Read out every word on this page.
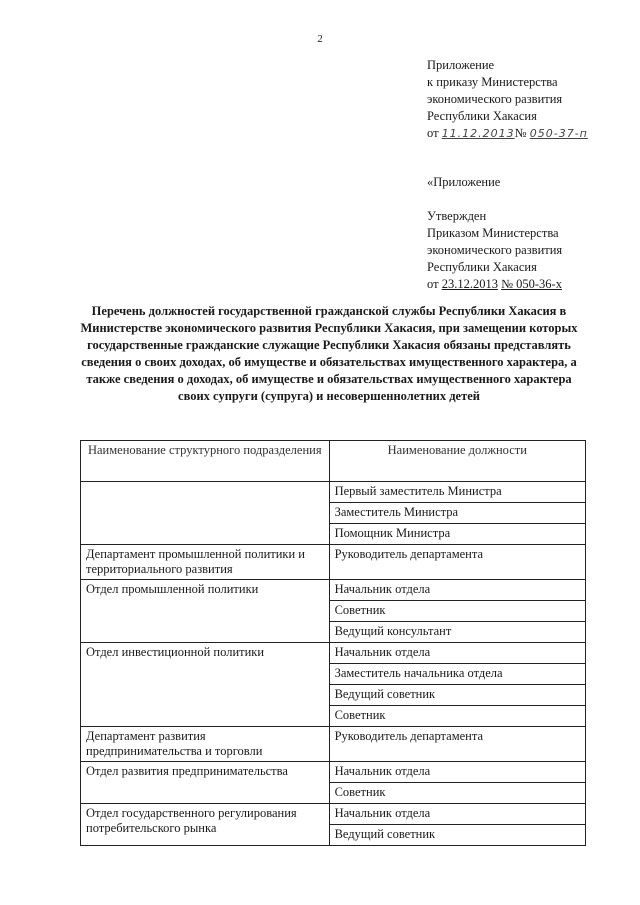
2
Приложение
к приказу Министерства
экономического развития
Республики Хакасия
от 11.12.2013№ 050-37-п
«Приложение
Утвержден
Приказом Министерства
экономического развития
Республики Хакасия
от 23.12.2013 № 050-36-х
Перечень должностей государственной гражданской службы Республики Хакасия в Министерстве экономического развития Республики Хакасия, при замещении которых государственные гражданские служащие Республики Хакасия обязаны представлять сведения о своих доходах, об имуществе и обязательствах имущественного характера, а также сведения о доходах, об имуществе и обязательствах имущественного характера своих супруги (супруга) и несовершеннолетних детей
Наименование структурного подразделения	Наименование должности
	Первый заместитель Министра
	Заместитель Министра
	Помощник Министра
Департамент промышленной политики и территориального развития	Руководитель департамента
Отдел промышленной политики	Начальник отдела
	Советник
	Ведущий консультант
Отдел инвестиционной политики	Начальник отдела
	Заместитель начальника отдела
	Ведущий советник
	Советник
Департамент развития предпринимательства и торговли	Руководитель департамента
Отдел развития предпринимательства	Начальник отдела
	Советник
Отдел государственного регулирования потребительского рынка	Начальник отдела
	Ведущий советник
